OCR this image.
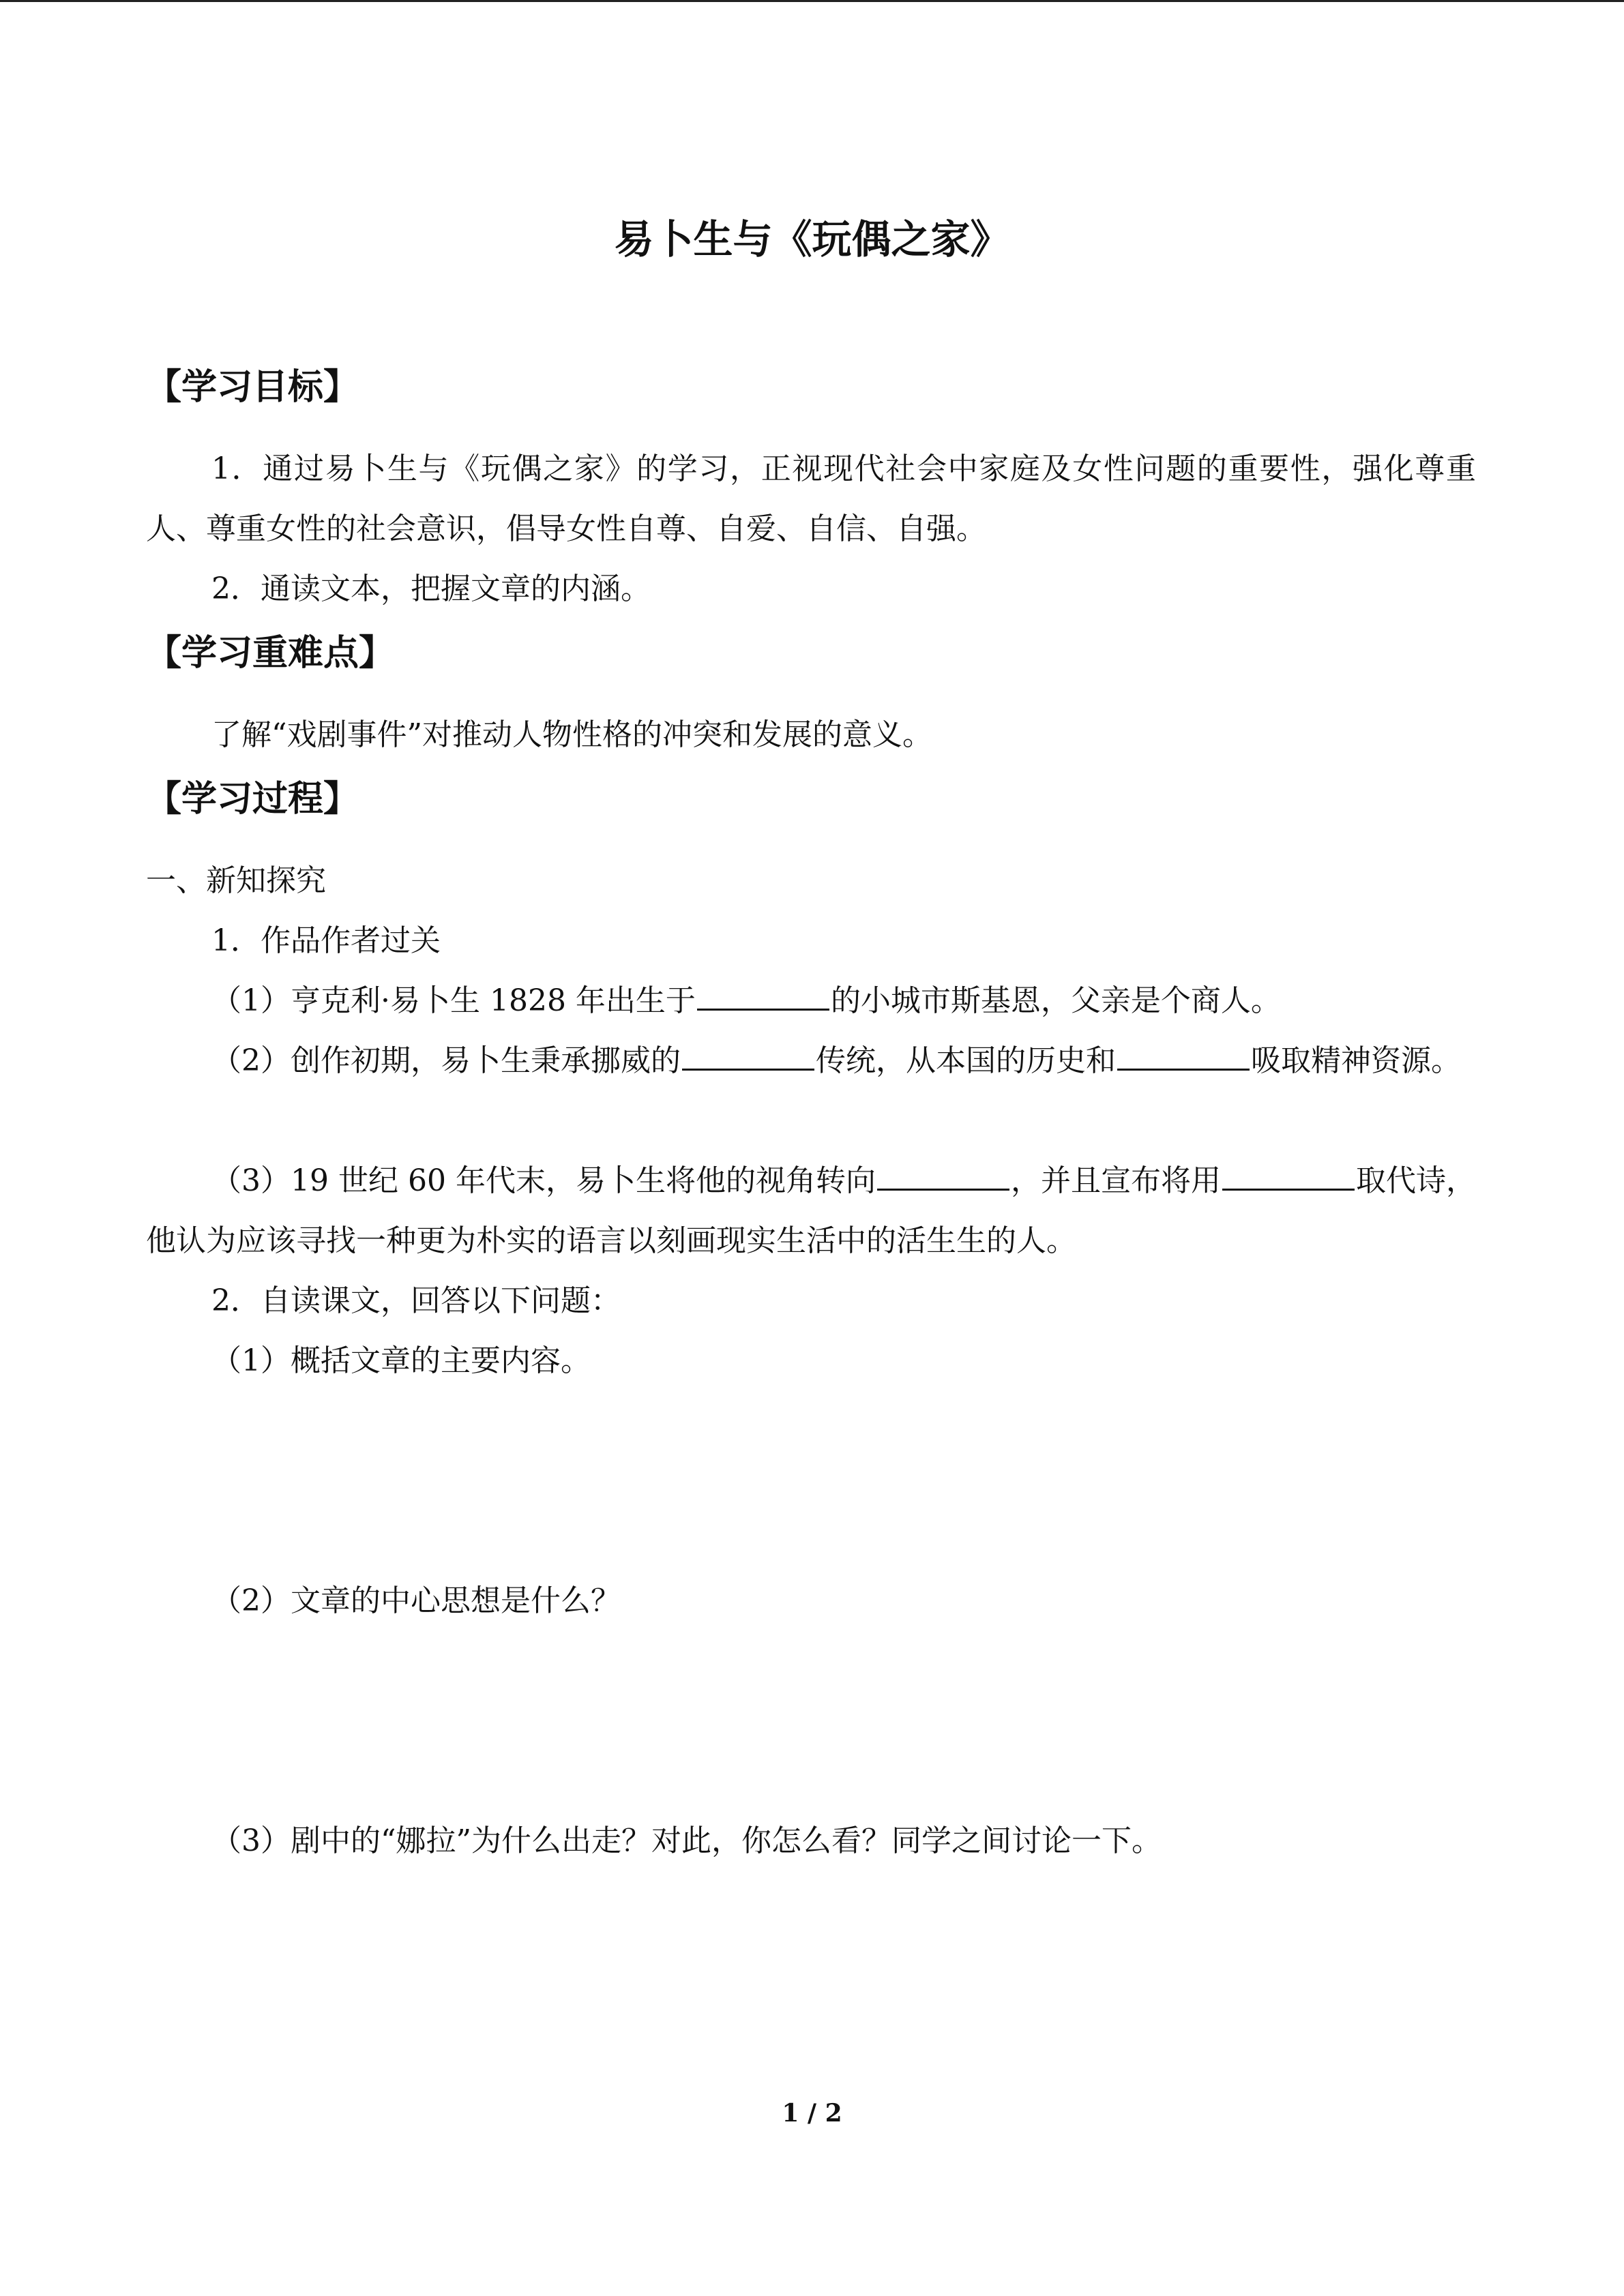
易卜生与《玩偶之家》
【学习目标】

1．通过易卜生与《玩偶之家》的学习，正视现代社会中家庭及女性问题的重要性，强化尊重人、尊重女性的社会意识，倡导女性自尊、自爱、自信、自强。

2．通读文本，把握文章的内涵。

【学习重难点】

了解“戏剧事件”对推动人物性格的冲突和发展的意义。

【学习过程】

一、新知探究

1．作品作者过关

（1）亨克利·易卜生 1828 年出生于	的小城市斯基恩，父亲是个商人。

（2）创作初期，易卜生秉承挪威的	传统，从本国的历史和	吸取精神资源。

（3）19 世纪 60 年代末，易卜生将他的视角转向	，并且宣布将用	取代诗，他认为应该寻找一种更为朴实的语言以刻画现实生活中的活生生的人。

2．自读课文，回答以下问题：

（1）概括文章的主要内容。

（2）文章的中心思想是什么？

（3）剧中的“娜拉”为什么出走？对此，你怎么看？同学之间讨论一下。

1 / 2
